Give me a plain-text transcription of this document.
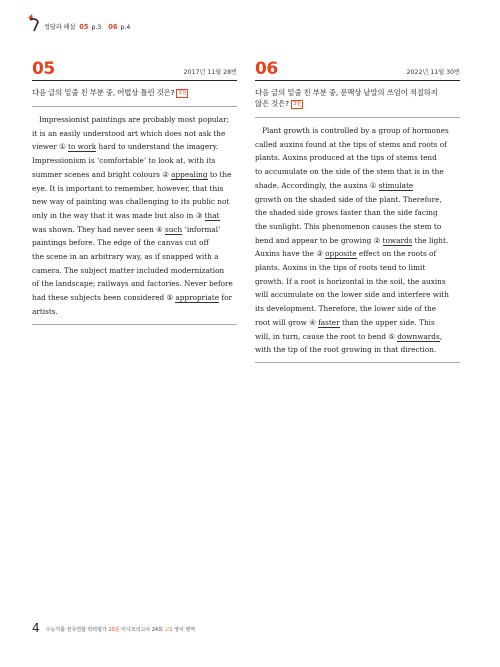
정답과 해설 05 p.3 06 p.4
05	2017년 11월 28번
다음 글의 밑줄 친 부분 중, 어법상 틀린 것은? 3점

Impressionist paintings are probably most popular;
it is an easily understood art which does not ask the
viewer ① to work hard to understand the imagery.
Impressionism is ‘comfortable’ to look at, with its
summer scenes and bright colours ② appealing to the
eye. It is important to remember, however, that this
new way of painting was challenging to its public not
only in the way that it was made but also in ③ that
was shown. They had never seen ④ such ‘informal’
paintings before. The edge of the canvas cut off
the scene in an arbitrary way, as if snapped with a
camera. The subject matter included modernization
of the landscape; railways and factories. Never before
had these subjects been considered ⑤ appropriate for
artists.

06	2022년 11월 30번
다음 글의 밑줄 친 부분 중, 문맥상 낱말의 쓰임이 적절하지
않은 것은? 3점

Plant growth is controlled by a group of hormones
called auxins found at the tips of stems and roots of
plants. Auxins produced at the tips of stems tend
to accumulate on the side of the stem that is in the
shade. Accordingly, the auxins ① stimulate
growth on the shaded side of the plant. Therefore,
the shaded side grows faster than the side facing
the sunlight. This phenomenon causes the stem to
bend and appear to be growing ② towards the light.
Auxins have the ③ opposite effect on the roots of
plants. Auxins in the tips of roots tend to limit
growth. If a root is horizontal in the soil, the auxins
will accumulate on the lower side and interfere with
its development. Therefore, the lower side of the
root will grow ④ faster than the upper side. This
will, in turn, cause the root to bend ⑤ downwards,
with the tip of the root growing in that direction.

4 수능기출 전국연합 학력평가 20분 미니모의고사 24회 고1 영어 영역
